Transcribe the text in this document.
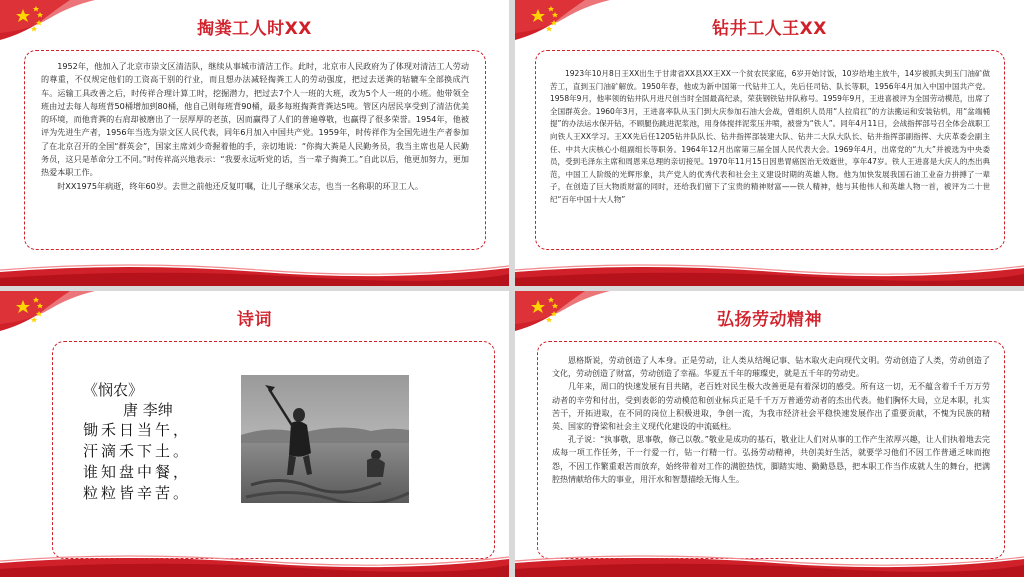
掏粪工人时XX

1952年，他加入了北京市崇文区清洁队，继续从事城市清洁工作。此时，北京市人民政府为了体现对清洁工人劳动的尊重，不仅规定他们的工资高于别的行业，而且想办法减轻掏粪工人的劳动强度，把过去送粪的轱辘车全部换成汽车。运输工具改善之后，时传祥合理计算工时，挖掘潜力，把过去7个人一班的大班，改为5个人一班的小班。他带领全班由过去每人每班背50桶增加到80桶，他自己则每班背90桶，最多每班掏粪背粪达5吨。管区内居民享受到了清洁优美的环境，而他背粪的右肩却被磨出了一层厚厚的老茧，因而赢得了人们的普遍尊敬，也赢得了很多荣誉。1954年，他被评为先进生产者，1956年当选为崇文区人民代表，同年6月加入中国共产党。1959年，时传祥作为全国先进生产者参加了在北京召开的全国“群英会”，国家主席刘少奇握着他的手，亲切地说：“你掏大粪是人民勤务员，我当主席也是人民勤务员，这只是革命分工不同。”时传祥高兴地表示：“我要永远听党的话，当一辈子掏粪工。”自此以后，他更加努力，更加热爱本职工作。

时XX1975年病逝，终年60岁。去世之前他还反复叮嘱，让儿子继承父志，也当一名称职的环卫工人。

钻井工人王XX

1923年10月8日王XX出生于甘肃省XX县XX王XX一个贫农民家庭，6岁开始讨饭，10岁给地主放牛，14岁被抓夫到玉门油矿做苦工，直到玉门油矿解放。1950年春，他成为新中国第一代钻井工人，先后任司钻、队长等职，1956年4月加入中国中国共产党。1958年9月，他率领的钻井队月进尺创当时全国最高纪录，荣获钢铁钻井队称号。1959年9月，王进喜被评为全国劳动模范，出席了全国群英会。1960年3月，王进喜率队从玉门到大庆参加石油大会战，曾组织人员用“人拉肩扛”的方法搬运和安装钻机，用“盆端桶提”的办法运水保开钻，不顾腿伤跳进泥浆池，用身体搅拌泥浆压井喷，被誉为“铁人”。同年4月11日，会战指挥部号召全体会战职工向铁人王XX学习。王XX先后任1205钻井队队长、钻井指挥部装建大队、钻井二大队大队长、钻井指挥部副指挥、大庆革委会副主任、中共大庆核心小组副组长等职务。1964年12月出席第三届全国人民代表大会。1969年4月，出席党的“九大”并被选为中央委员，受到毛泽东主席和周恩来总理的亲切接见。1970年11月15日因患胃癌医治无效逝世，享年47岁。铁人王进喜是大庆人的杰出典范，中国工人阶级的光辉形象，共产党人的优秀代表和社会主义建设时期的英雄人物。他为加快发展我国石油工业奋力拼搏了一辈子，在创造了巨大物质财富的同时，还给我们留下了宝贵的精神财富——铁人精神，他与其他伟人和英雄人物一首，被评为二十世纪“百年中国十大人物”

诗词
《悯农》
唐 李绅
锄禾日当午，
汗滴禾下土。
谁知盘中餐，
粒粒皆辛苦。
弘扬劳动精神

恩格斯说，劳动创造了人本身。正是劳动，让人类从结绳记事、钻木取火走向现代文明。劳动创造了人类，劳动创造了文化，劳动创造了财富，劳动创造了幸福。华夏五千年的璀璨史，就是五千年的劳动史。

几年来，周口的快速发展有目共睹，老百姓对民生极大改善更是有着深切的感受。所有这一切，无不蕴含着千千万万劳动者的辛劳和付出，受到表彰的劳动模范和创业标兵正是千千万万普通劳动者的杰出代表。他们胸怀大局，立足本职，扎实苦干，开拓进取，在不同的岗位上积极进取，争创一流，为我市经济社会平稳快速发展作出了重要贡献，不愧为民族的精英、国家的脊梁和社会主义现代化建设的中流砥柱。

孔子说：“执事敬，思事敬，修己以敬。”敬业是成功的基石，敬业让人们对从事的工作产生浓厚兴趣，让人们执着地去完成每一项工作任务，干一行爱一行，钻一行精一行。弘扬劳动精神，共创美好生活，就要学习他们不因工作普通乏味而抱怨，不因工作繁重艰苦而放弃，始终带着对工作的满腔热忱，脚踏实地、勤勤恳恳，把本职工作当作成就人生的舞台，把满腔热情献给伟大的事业，用汗水和智慧描绘无悔人生。
